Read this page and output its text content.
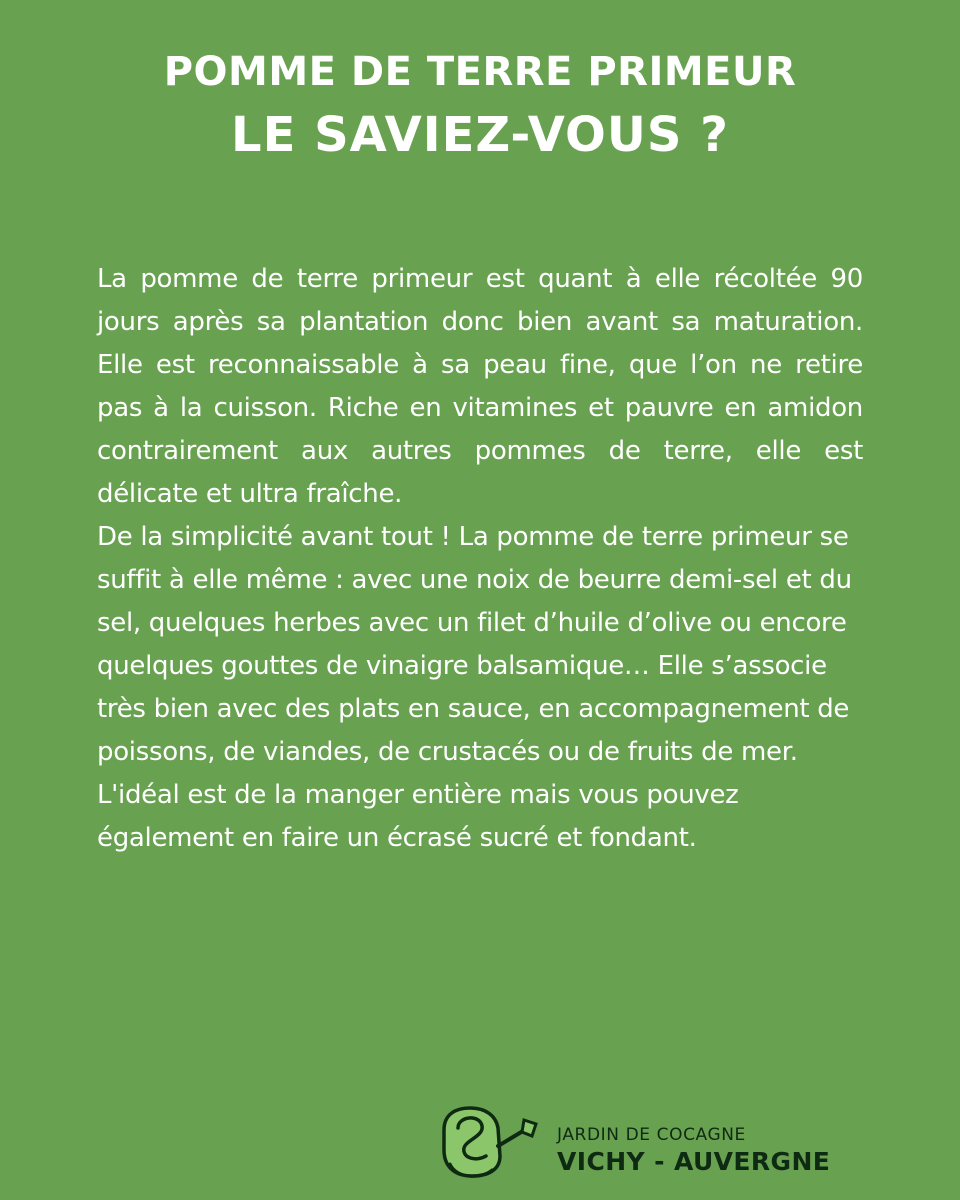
POMME DE TERRE PRIMEUR
LE SAVIEZ-VOUS ?

La pomme de terre primeur est quant à elle récoltée 90 jours après sa plantation donc bien avant sa maturation. Elle est reconnaissable à sa peau fine, que l’on ne retire pas à la cuisson. Riche en vitamines et pauvre en amidon contrairement aux autres pommes de terre, elle est délicate et ultra fraîche.

De la simplicité avant tout ! La pomme de terre primeur se suffit à elle même : avec une noix de beurre demi-sel et du sel, quelques herbes avec un filet d’huile d’olive ou encore quelques gouttes de vinaigre balsamique… Elle s’associe très bien avec des plats en sauce, en accompagnement de poissons, de viandes, de crustacés ou de fruits de mer. L'idéal est de la manger entière mais vous pouvez également en faire un écrasé sucré et fondant.

JARDIN DE COCAGNE
VICHY - AUVERGNE
